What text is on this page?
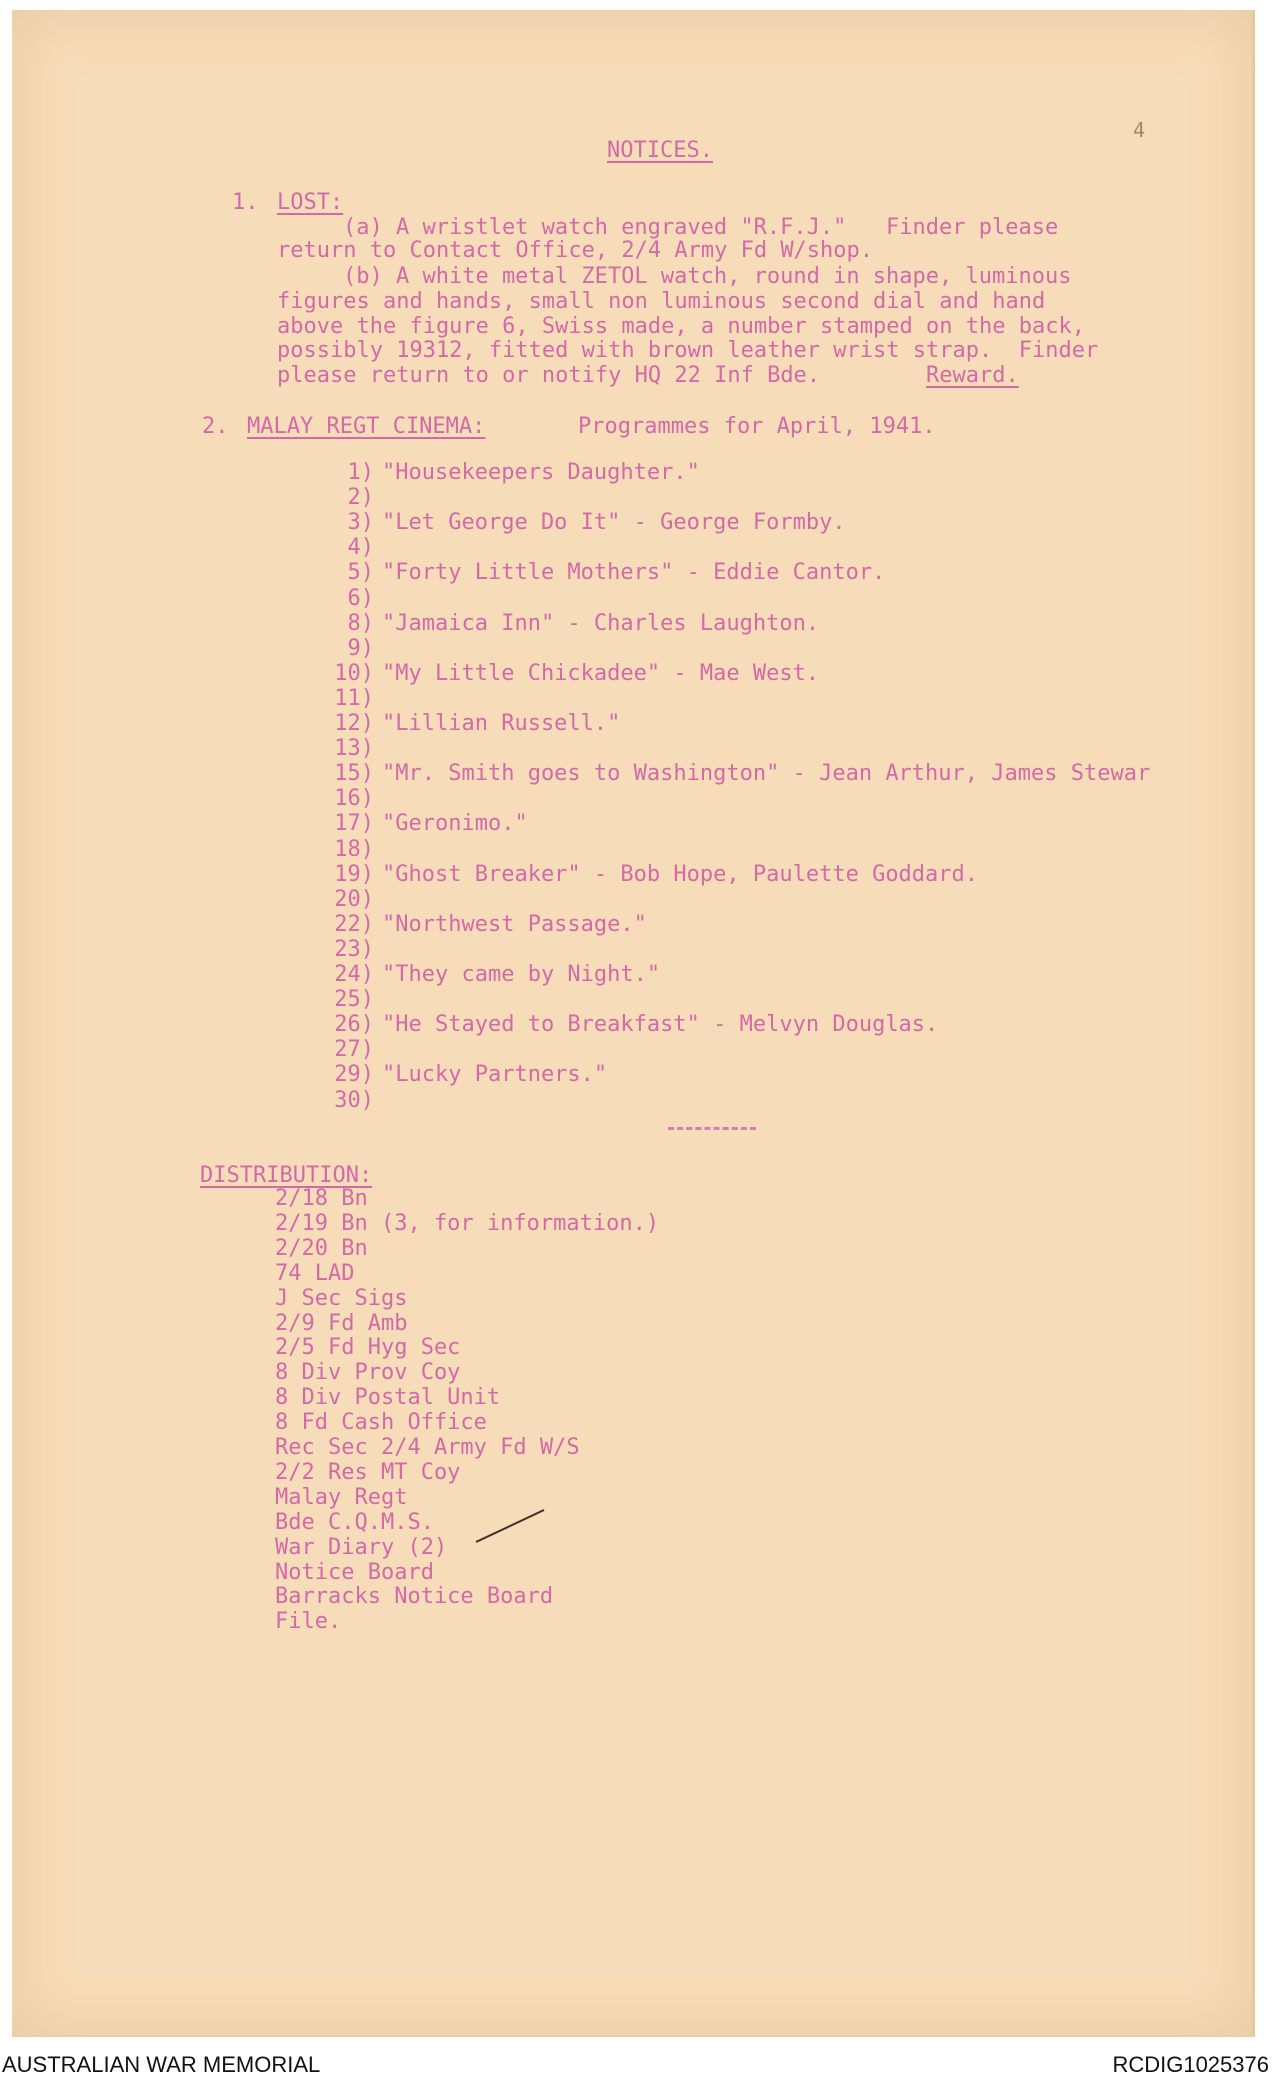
NOTICES.
4
1. LOST:
(a) A wristlet watch engraved "R.F.J."   Finder please
return to Contact Office, 2/4 Army Fd W/shop.
(b) A white metal ZETOL watch, round in shape, luminous
figures and hands, small non luminous second dial and hand
above the figure 6, Swiss made, a number stamped on the back,
possibly 19312, fitted with brown leather wrist strap.  Finder
please return to or notify HQ 22 Inf Bde.	Reward.
2. MALAY REGT CINEMA:	Programmes for April, 1941.
1) "Housekeepers Daughter."
2)
3) "Let George Do It" - George Formby.
4)
5) "Forty Little Mothers" - Eddie Cantor.
6)
8) "Jamaica Inn" - Charles Laughton.
9)
10) "My Little Chickadee" - Mae West.
11)
12) "Lillian Russell."
13)
15) "Mr. Smith goes to Washington" - Jean Arthur, James Stewar
16)
17) "Geronimo."
18)
19) "Ghost Breaker" - Bob Hope, Paulette Goddard.
20)
22) "Northwest Passage."
23)
24) "They came by Night."
25)
26) "He Stayed to Breakfast" - Melvyn Douglas.
27)
29) "Lucky Partners."
30)
DISTRIBUTION:
2/18 Bn
2/19 Bn (3, for information.)
2/20 Bn
74 LAD
J Sec Sigs
2/9 Fd Amb
2/5 Fd Hyg Sec
8 Div Prov Coy
8 Div Postal Unit
8 Fd Cash Office
Rec Sec 2/4 Army Fd W/S
2/2 Res MT Coy
Malay Regt
Bde C.Q.M.S.
War Diary (2)
Notice Board
Barracks Notice Board
File.
AUSTRALIAN WAR MEMORIAL	RCDIG1025376
